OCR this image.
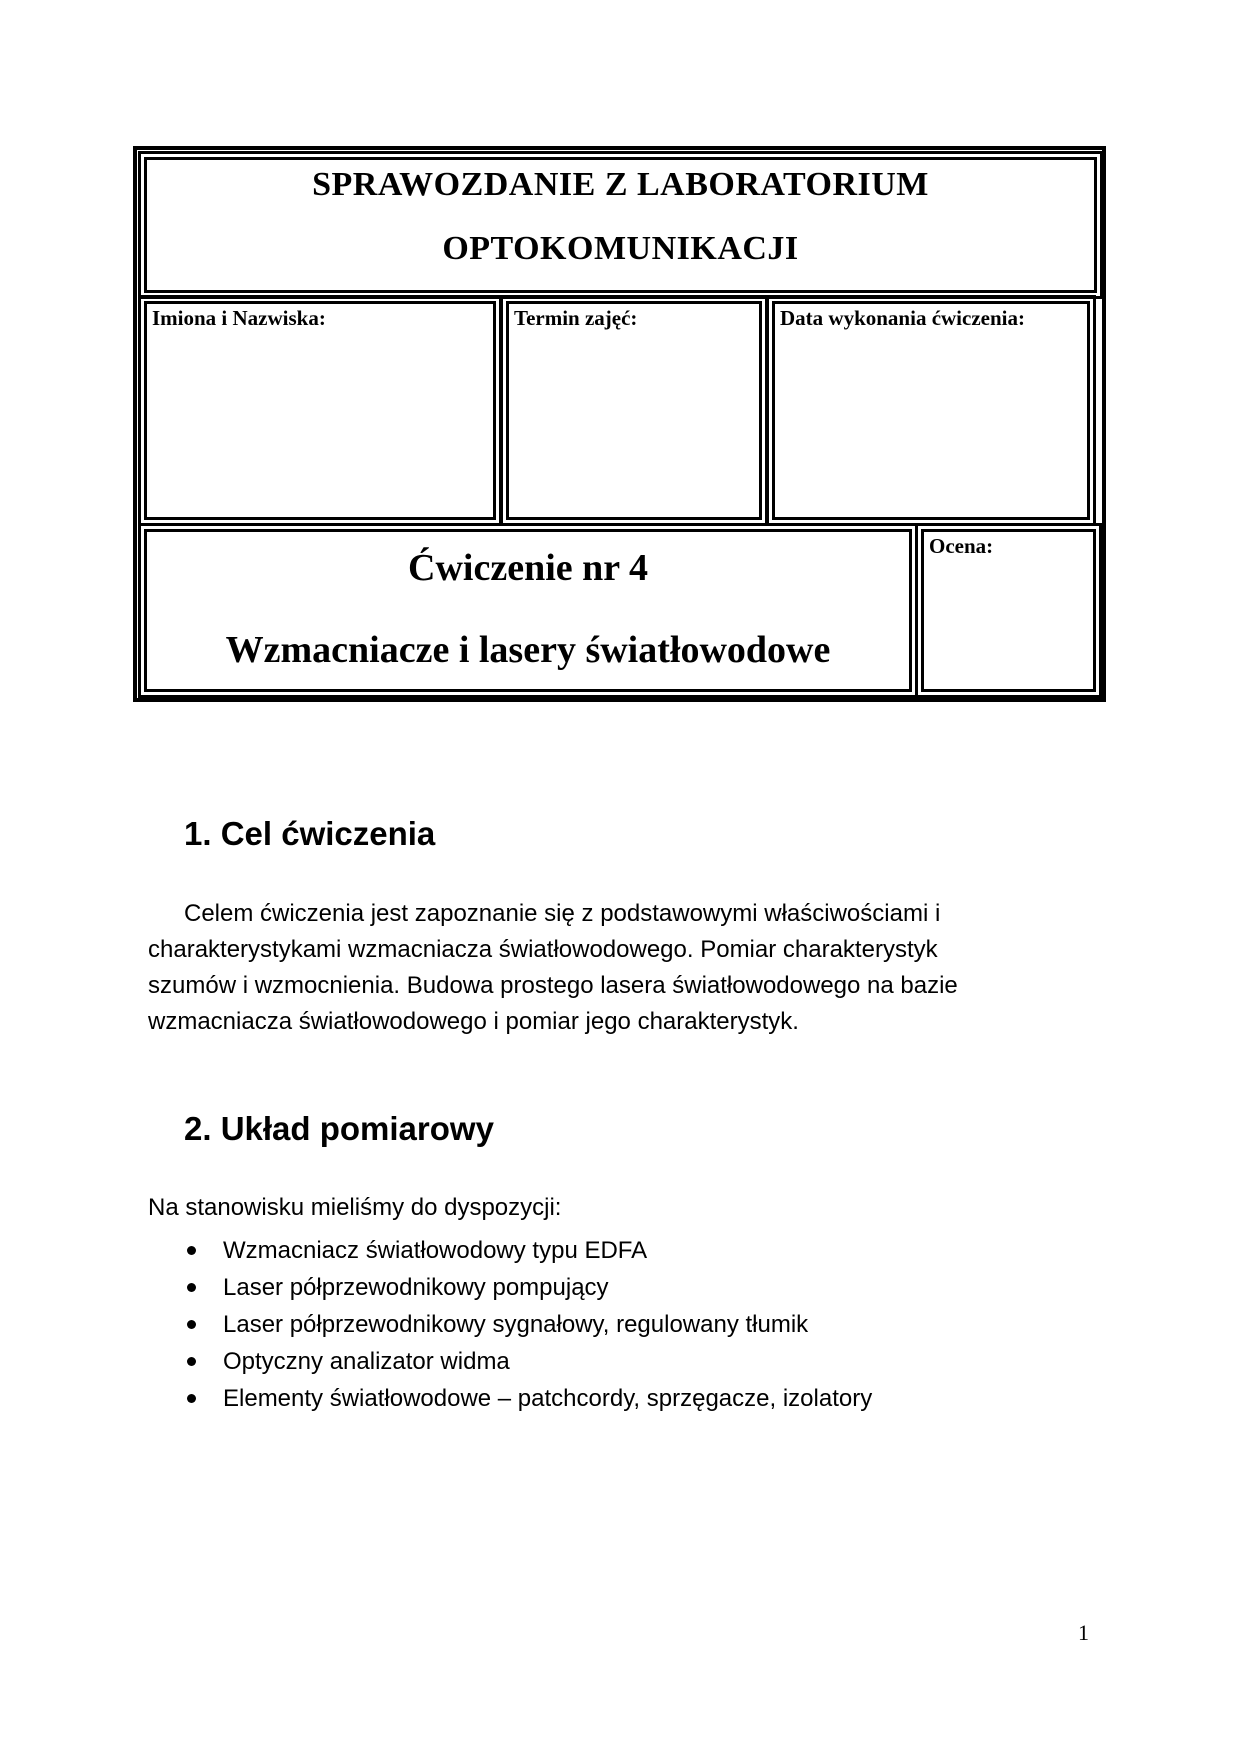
SPRAWOZDANIE Z LABORATORIUM
OPTOKOMUNIKACJI
Imiona i Nazwiska:	Termin zajęć:	Data wykonania ćwiczenia:
Ćwiczenie nr 4
Wzmacniacze i lasery światłowodowe
Ocena:
1. Cel ćwiczenia
Celem ćwiczenia jest zapoznanie się z podstawowymi właściwościami i
charakterystykami wzmacniacza światłowodowego. Pomiar charakterystyk
szumów i wzmocnienia. Budowa prostego lasera światłowodowego na bazie
wzmacniacza światłowodowego i pomiar jego charakterystyk.
2. Układ pomiarowy
Na stanowisku mieliśmy do dyspozycji:
Wzmacniacz światłowodowy typu EDFA
Laser półprzewodnikowy pompujący
Laser półprzewodnikowy sygnałowy, regulowany tłumik
Optyczny analizator widma
Elementy światłowodowe – patchcordy, sprzęgacze, izolatory
1
